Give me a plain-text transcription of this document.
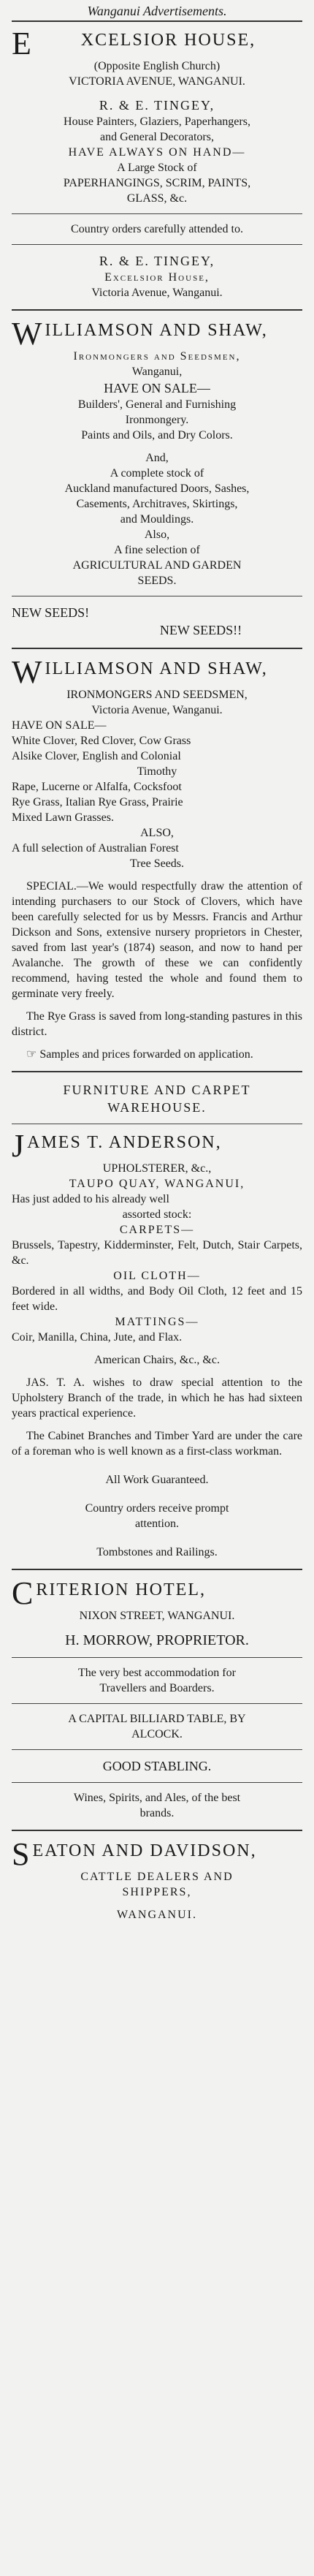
Wanganui Advertisements.
E	XCELSIOR HOUSE,
(Opposite English Church)
VICTORIA AVENUE, WANGANUI.
R. & E. TINGEY,
House Painters, Glaziers, Paperhangers,
and General Decorators,
HAVE ALWAYS ON HAND—
A Large Stock of
PAPERHANGINGS, SCRIM, PAINTS,
GLASS, &c.
Country orders carefully attended to.
R. & E. TINGEY,
Excelsior House,
Victoria Avenue, Wanganui.
W ILLIAMSON AND SHAW,
Ironmongers and Seedsmen,
Wanganui,
HAVE ON SALE—
Builders', General and Furnishing
Ironmongery.
Paints and Oils, and Dry Colors.
And,
A complete stock of
Auckland manufactured Doors, Sashes,
Casements, Architraves, Skirtings,
and Mouldings.
Also,
A fine selection of
AGRICULTURAL AND GARDEN
SEEDS.
NEW SEEDS!
NEW SEEDS!!
W ILLIAMSON AND SHAW,
IRONMONGERS AND SEEDSMEN,
Victoria Avenue, Wanganui.
HAVE ON SALE—
White Clover, Red Clover, Cow Grass
Alsike Clover, English and Colonial
Timothy
Rape, Lucerne or Alfalfa, Cocksfoot
Rye Grass, Italian Rye Grass, Prairie
Mixed Lawn Grasses.
ALSO,
A full selection of Australian Forest
Tree Seeds.
SPECIAL.—We would respectfully draw the attention of intending purchasers to our Stock of Clovers, which have been carefully selected for us by Messrs. Francis and Arthur Dickson and Sons, extensive nursery proprietors in Chester, saved from last year's (1874) season, and now to hand per Avalanche. The growth of these we can confidently recommend, having tested the whole and found them to germinate very freely.
The Rye Grass is saved from long-standing pastures in this district.
☞ Samples and prices forwarded on application.
FURNITURE AND CARPET
WAREHOUSE.
J AMES T. ANDERSON,
UPHOLSTERER, &c.,
TAUPO QUAY, WANGANUI,
Has just added to his already well
assorted stock:
CARPETS—
Brussels, Tapestry, Kidderminster, Felt, Dutch, Stair Carpets, &c.
OIL CLOTH—
Bordered in all widths, and Body Oil Cloth, 12 feet and 15 feet wide.
MATTINGS—
Coir, Manilla, China, Jute, and Flax.
American Chairs, &c., &c.
JAS. T. A. wishes to draw special attention to the Upholstery Branch of the trade, in which he has had sixteen years practical experience.
The Cabinet Branches and Timber Yard are under the care of a foreman who is well known as a first-class workman.
All Work Guaranteed.
Country orders receive prompt
attention.
Tombstones and Railings.
C RITERION HOTEL,
NIXON STREET, WANGANUI.
H. MORROW, PROPRIETOR.
The very best accommodation for
Travellers and Boarders.
A CAPITAL BILLIARD TABLE, BY
ALCOCK.
GOOD STABLING.
Wines, Spirits, and Ales, of the best
brands.
S EATON AND DAVIDSON,
CATTLE DEALERS AND
SHIPPERS,
WANGANUI.
